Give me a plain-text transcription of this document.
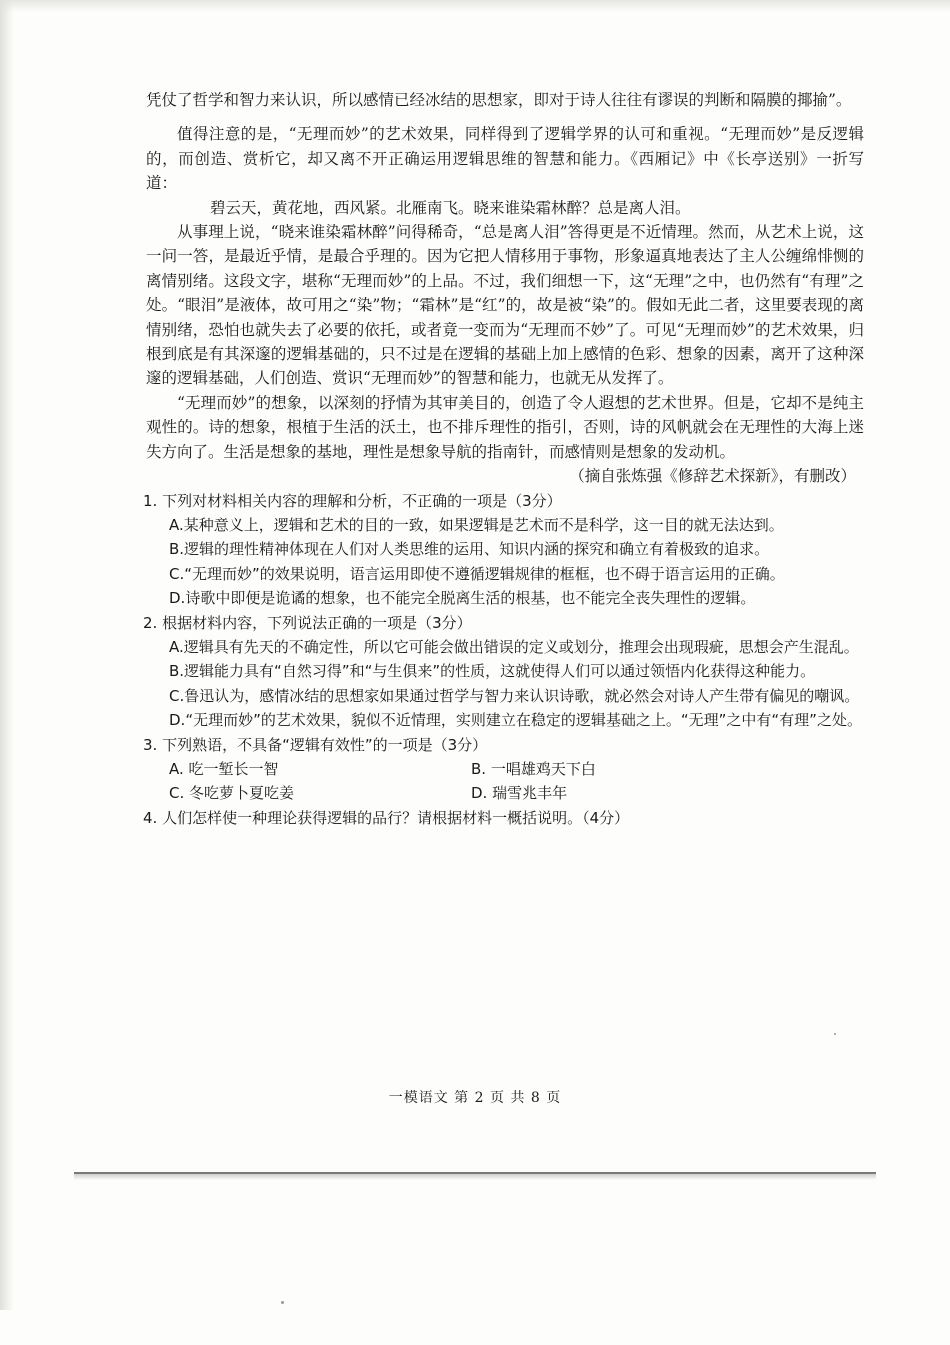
凭仗了哲学和智力来认识，所以感情已经冰结的思想家，即对于诗人往往有谬误的判断和隔膜的揶揄”。

值得注意的是，“无理而妙”的艺术效果，同样得到了逻辑学界的认可和重视。“无理而妙”是反逻辑的，而创造、赏析它，却又离不开正确运用逻辑思维的智慧和能力。《西厢记》中《长亭送别》一折写道：

碧云天，黄花地，西风紧。北雁南飞。晓来谁染霜林醉？总是离人泪。

从事理上说，“晓来谁染霜林醉”问得稀奇，“总是离人泪”答得更是不近情理。然而，从艺术上说，这一问一答，是最近乎情，是最合乎理的。因为它把人情移用于事物，形象逼真地表达了主人公缠绵悱恻的离情别绪。这段文字，堪称“无理而妙”的上品。不过，我们细想一下，这“无理”之中，也仍然有“有理”之处。“眼泪”是液体，故可用之“染”物；“霜林”是“红”的，故是被“染”的。假如无此二者，这里要表现的离情别绪，恐怕也就失去了必要的依托，或者竟一变而为“无理而不妙”了。可见“无理而妙”的艺术效果，归根到底是有其深邃的逻辑基础的，只不过是在逻辑的基础上加上感情的色彩、想象的因素，离开了这种深邃的逻辑基础，人们创造、赏识“无理而妙”的智慧和能力，也就无从发挥了。

“无理而妙”的想象，以深刻的抒情为其审美目的，创造了令人遐想的艺术世界。但是，它却不是纯主观性的。诗的想象，根植于生活的沃土，也不排斥理性的指引，否则，诗的风帆就会在无理性的大海上迷失方向了。生活是想象的基地，理性是想象导航的指南针，而感情则是想象的发动机。

（摘自张炼强《修辞艺术探新》，有删改）

1. 下列对材料相关内容的理解和分析，不正确的一项是（3分）

A.某种意义上，逻辑和艺术的目的一致，如果逻辑是艺术而不是科学，这一目的就无法达到。

B.逻辑的理性精神体现在人们对人类思维的运用、知识内涵的探究和确立有着极致的追求。

C.“无理而妙”的效果说明，语言运用即使不遵循逻辑规律的框框，也不碍于语言运用的正确。

D.诗歌中即便是诡谲的想象，也不能完全脱离生活的根基，也不能完全丧失理性的逻辑。

2. 根据材料内容，下列说法正确的一项是（3分）

A.逻辑具有先天的不确定性，所以它可能会做出错误的定义或划分，推理会出现瑕疵，思想会产生混乱。

B.逻辑能力具有“自然习得”和“与生俱来”的性质，这就使得人们可以通过领悟内化获得这种能力。

C.鲁迅认为，感情冰结的思想家如果通过哲学与智力来认识诗歌，就必然会对诗人产生带有偏见的嘲讽。

D.“无理而妙”的艺术效果，貌似不近情理，实则建立在稳定的逻辑基础之上。“无理”之中有“有理”之处。

3. 下列熟语，不具备“逻辑有效性”的一项是（3分）

A. 吃一堑长一智	B. 一唱雄鸡天下白
C. 冬吃萝卜夏吃姜	D. 瑞雪兆丰年

4. 人们怎样使一种理论获得逻辑的品行？请根据材料一概括说明。（4分）

一模语文 第 2 页 共 8 页
